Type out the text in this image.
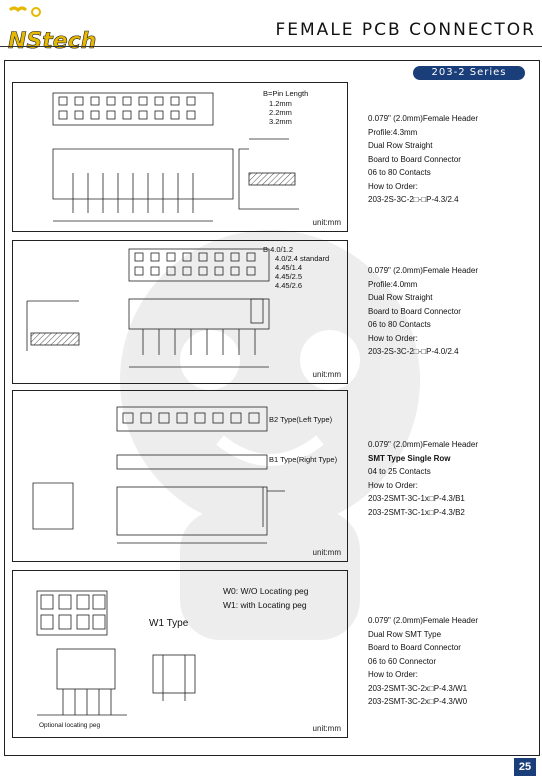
NStech	FEMALE PCB CONNECTOR
203-2 Series
B=Pin Length
1.2mm
2.2mm
3.2mm
unit:mm
0.079" (2.0mm)Female Header
Profile:4.3mm
Dual Row Straight
Board to Board Connector
06 to 80 Contacts
How to Order:
203-2S-3C-2□-□P-4.3/2.4
B 4.0/1.2
4.0/2.4 standard
4.45/1.4
4.45/2.5
4.45/2.6
unit:mm
0.079" (2.0mm)Female Header
Profile:4.0mm
Dual Row Straight
Board to Board Connector
06 to 80 Contacts
How to Order:
203-2S-3C-2□-□P-4.0/2.4
B2 Type(Left Type)
B1 Type(Right Type)
unit:mm
0.079" (2.0mm)Female Header
SMT Type Single Row
04 to 25 Contacts
How to Order:
203-2SMT-3C-1x□P-4.3/B1
203-2SMT-3C-1x□P-4.3/B2
W0: W/O Locating peg
W1: with Locating peg
W1 Type
Optional locating peg	unit:mm
0.079" (2.0mm)Female Header
Dual Row SMT Type
Board to Board Connector
06 to 60 Connector
How to Order:
203-2SMT-3C-2x□P-4.3/W1
203-2SMT-3C-2x□P-4.3/W0
25
